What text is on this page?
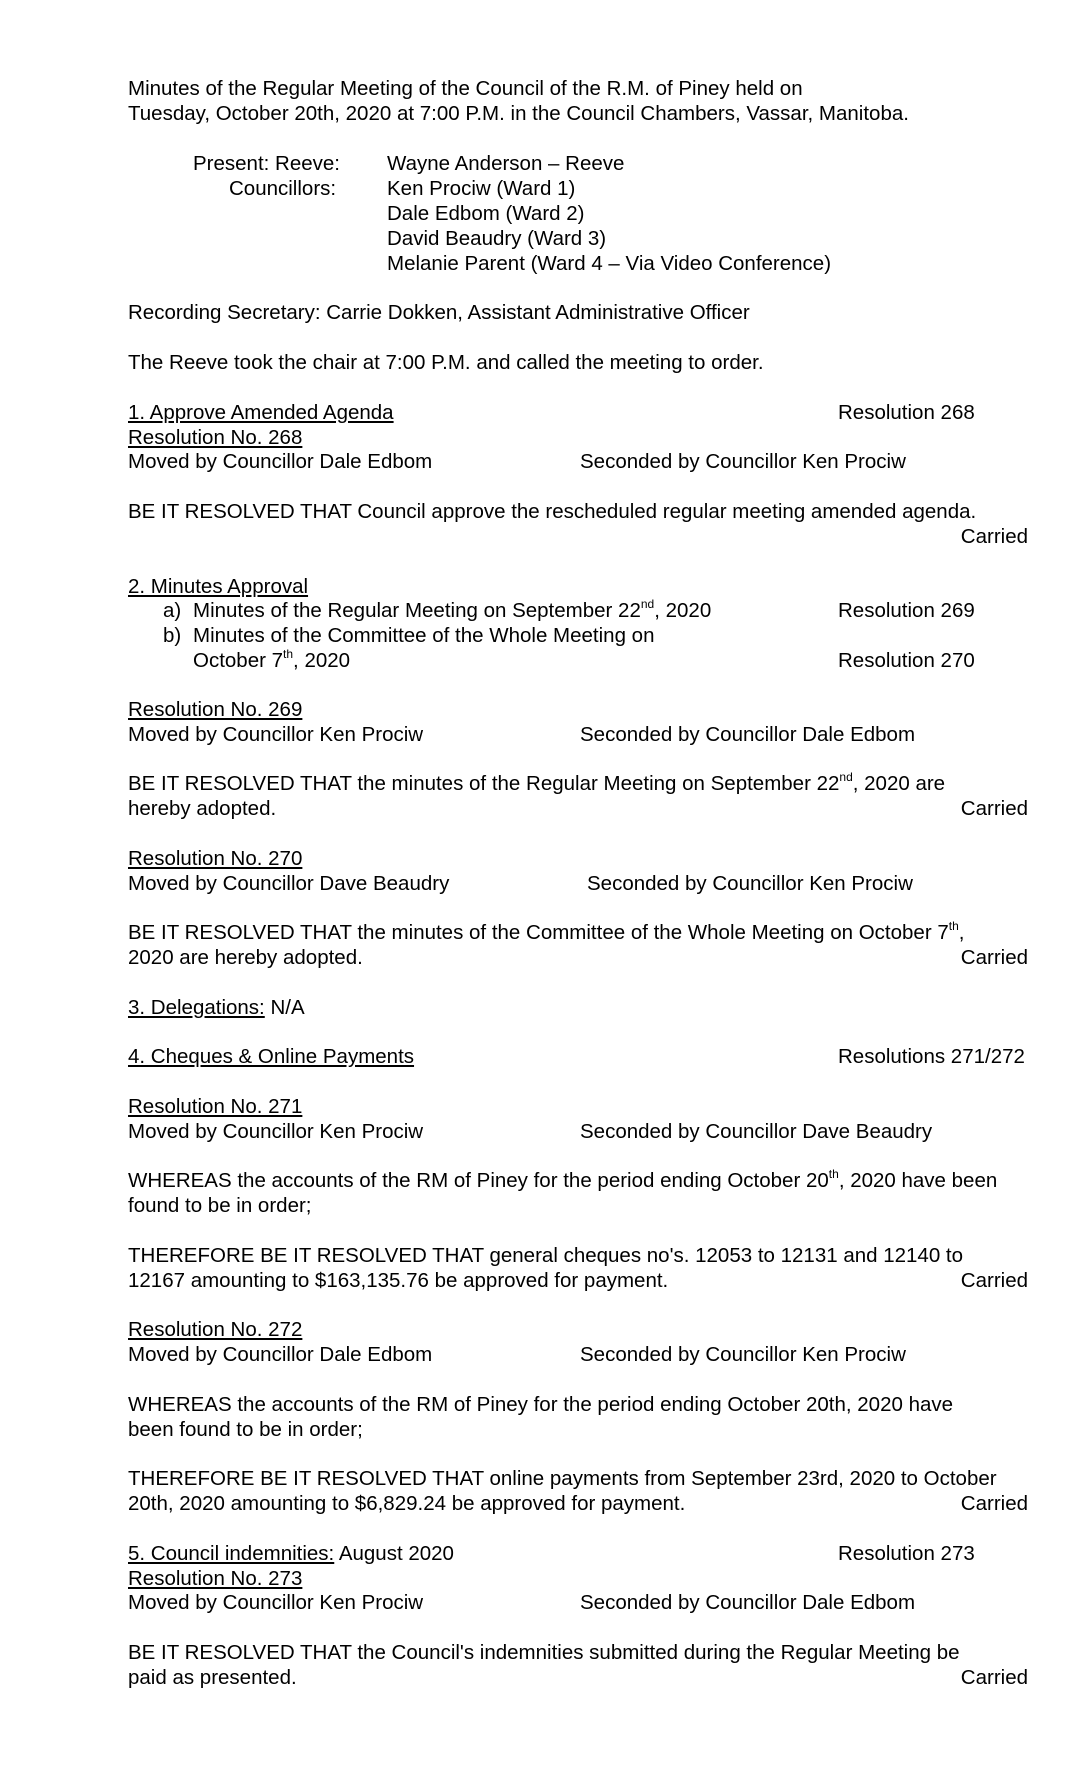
Minutes of the Regular Meeting of the Council of the R.M. of Piney held on
Tuesday, October 20th, 2020 at 7:00 P.M. in the Council Chambers, Vassar, Manitoba.
Present: Reeve: Wayne Anderson – Reeve
Councillors: Ken Prociw (Ward 1)
Dale Edbom (Ward 2)
David Beaudry (Ward 3)
Melanie Parent (Ward 4 – Via Video Conference)
Recording Secretary: Carrie Dokken, Assistant Administrative Officer
The Reeve took the chair at 7:00 P.M. and called the meeting to order.
1. Approve Amended Agenda	Resolution 268
Resolution No. 268
Moved by Councillor Dale Edbom	Seconded by Councillor Ken Prociw
BE IT RESOLVED THAT Council approve the rescheduled regular meeting amended agenda.
Carried
2. Minutes Approval
a) Minutes of the Regular Meeting on September 22nd, 2020	Resolution 269
b) Minutes of the Committee of the Whole Meeting on
October 7th, 2020	Resolution 270
Resolution No. 269
Moved by Councillor Ken Prociw	Seconded by Councillor Dale Edbom
BE IT RESOLVED THAT the minutes of the Regular Meeting on September 22nd, 2020 are
hereby adopted.	Carried
Resolution No. 270
Moved by Councillor Dave Beaudry	Seconded by Councillor Ken Prociw
BE IT RESOLVED THAT the minutes of the Committee of the Whole Meeting on October 7th,
2020 are hereby adopted.	Carried
3. Delegations: N/A
4. Cheques & Online Payments	Resolutions 271/272
Resolution No. 271
Moved by Councillor Ken Prociw	Seconded by Councillor Dave Beaudry
WHEREAS the accounts of the RM of Piney for the period ending October 20th, 2020 have been
found to be in order;
THEREFORE BE IT RESOLVED THAT general cheques no's. 12053 to 12131 and 12140 to
12167 amounting to $163,135.76 be approved for payment.	Carried
Resolution No. 272
Moved by Councillor Dale Edbom	Seconded by Councillor Ken Prociw
WHEREAS the accounts of the RM of Piney for the period ending October 20th, 2020 have
been found to be in order;
THEREFORE BE IT RESOLVED THAT online payments from September 23rd, 2020 to October
20th, 2020 amounting to $6,829.24 be approved for payment.	Carried
5. Council indemnities: August 2020	Resolution 273
Resolution No. 273
Moved by Councillor Ken Prociw	Seconded by Councillor Dale Edbom
BE IT RESOLVED THAT the Council's indemnities submitted during the Regular Meeting be
paid as presented.	Carried
